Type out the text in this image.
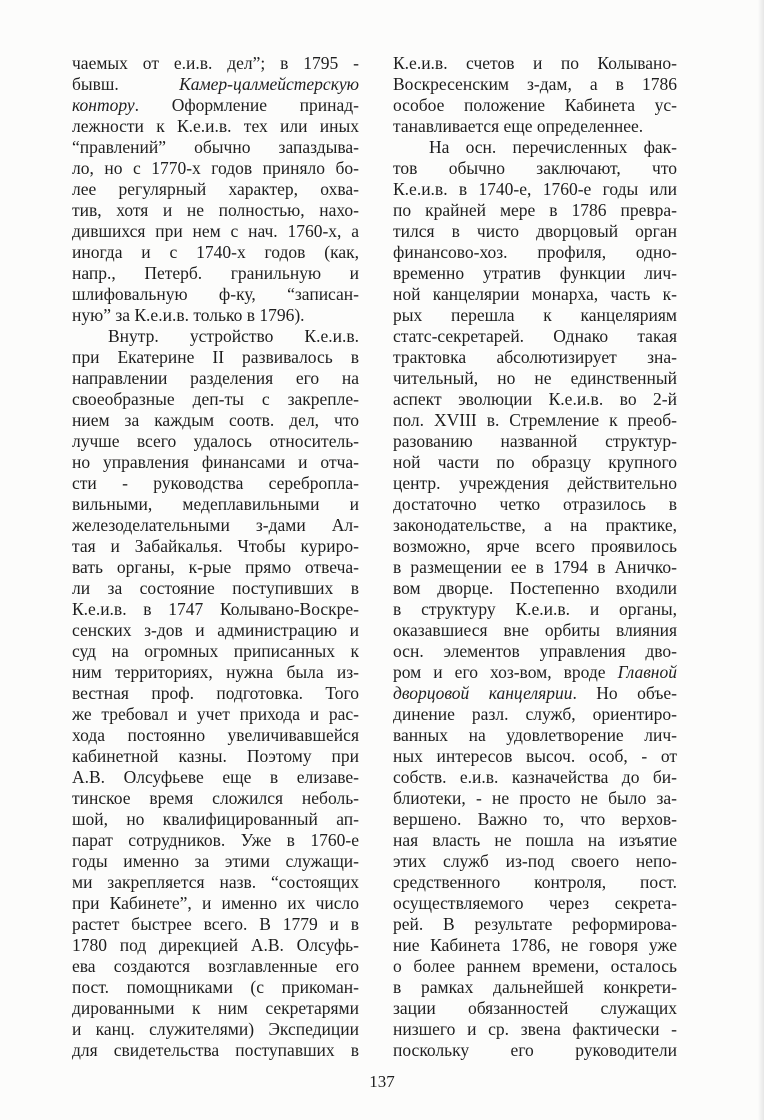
чаемых от е.и.в. дел”; в 1795 -
бывш. Камер-цалмейстерскую
контору. Оформление принад-
лежности к К.е.и.в. тех или иных
“правлений” обычно запаздыва-
ло, но с 1770-х годов приняло бо-
лее регулярный характер, охва-
тив, хотя и не полностью, нахо-
дившихся при нем с нач. 1760-х, а
иногда и с 1740-х годов (как,
напр., Петерб. гранильную и
шлифовальную ф-ку, “записан-
ную” за К.е.и.в. только в 1796).
Внутр. устройство К.е.и.в.
при Екатерине II развивалось в
направлении разделения его на
своеобразные деп-ты с закрепле-
нием за каждым соотв. дел, что
лучше всего удалось относитель-
но управления финансами и отча-
сти - руководства серебропла-
вильными, медеплавильными и
железоделательными з-дами Ал-
тая и Забайкалья. Чтобы куриро-
вать органы, к-рые прямо отвеча-
ли за состояние поступивших в
К.е.и.в. в 1747 Колывано-Воскре-
сенских з-дов и администрацию и
суд на огромных приписанных к
ним территориях, нужна была из-
вестная проф. подготовка. Того
же требовал и учет прихода и рас-
хода постоянно увеличивавшейся
кабинетной казны. Поэтому при
А.В. Олсуфьеве еще в елизаве-
тинское время сложился неболь-
шой, но квалифицированный ап-
парат сотрудников. Уже в 1760-е
годы именно за этими служащи-
ми закрепляется назв. “состоящих
при Кабинете”, и именно их число
растет быстрее всего. В 1779 и в
1780 под дирекцией А.В. Олсуфь-
ева создаются возглавленные его
пост. помощниками (с прикоман-
дированными к ним секретарями
и канц. служителями) Экспедиции
для свидетельства поступавших в
К.е.и.в. счетов и по Колывано-
Воскресенским з-дам, а в 1786
особое положение Кабинета ус-
танавливается еще определеннее.
На осн. перечисленных фак-
тов обычно заключают, что
К.е.и.в. в 1740-е, 1760-е годы или
по крайней мере в 1786 превра-
тился в чисто дворцовый орган
финансово-хоз. профиля, одно-
временно утратив функции лич-
ной канцелярии монарха, часть к-
рых перешла к канцеляриям
статс-секретарей. Однако такая
трактовка абсолютизирует зна-
чительный, но не единственный
аспект эволюции К.е.и.в. во 2-й
пол. XVIII в. Стремление к преоб-
разованию названной структур-
ной части по образцу крупного
центр. учреждения действительно
достаточно четко отразилось в
законодательстве, а на практике,
возможно, ярче всего проявилось
в размещении ее в 1794 в Аничко-
вом дворце. Постепенно входили
в структуру К.е.и.в. и органы,
оказавшиеся вне орбиты влияния
осн. элементов управления дво-
ром и его хоз-вом, вроде Главной
дворцовой канцелярии. Но объе-
динение разл. служб, ориентиро-
ванных на удовлетворение лич-
ных интересов высоч. особ, - от
собств. е.и.в. казначейства до би-
блиотеки, - не просто не было за-
вершено. Важно то, что верхов-
ная власть не пошла на изъятие
этих служб из-под своего непо-
средственного контроля, пост.
осуществляемого через секрета-
рей. В результате реформирова-
ние Кабинета 1786, не говоря уже
о более раннем времени, осталось
в рамках дальнейшей конкрети-
зации обязанностей служащих
низшего и ср. звена фактически -
поскольку его руководители
137
